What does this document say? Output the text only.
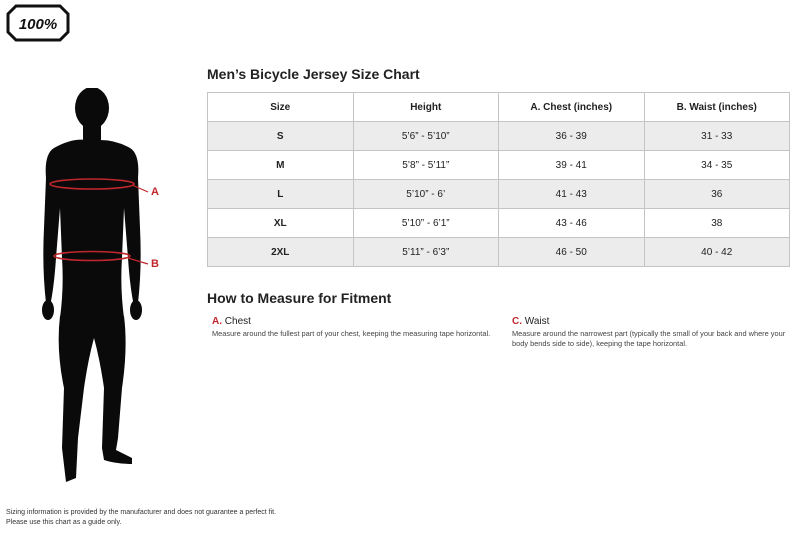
100%
A
B
Men’s Bicycle Jersey Size Chart
Size	Height	A. Chest (inches)	B. Waist (inches)
S	5’6” - 5’10”	36 - 39	31 - 33
M	5’8” - 5’11”	39 - 41	34 - 35
L	5’10” - 6’	41 - 43	36
XL	5’10” - 6’1”	43 - 46	38
2XL	5’11” - 6’3”	46 - 50	40 - 42
How to Measure for Fitment

A. Chest

Measure around the fullest part of your chest, keeping the measuring tape horizontal.

C. Waist

Measure around the narrowest part (typically the small of your back and where your body bends side to side), keeping the tape horizontal.

Sizing information is provided by the manufacturer and does not guarantee a perfect fit.
Please use this chart as a guide only.
